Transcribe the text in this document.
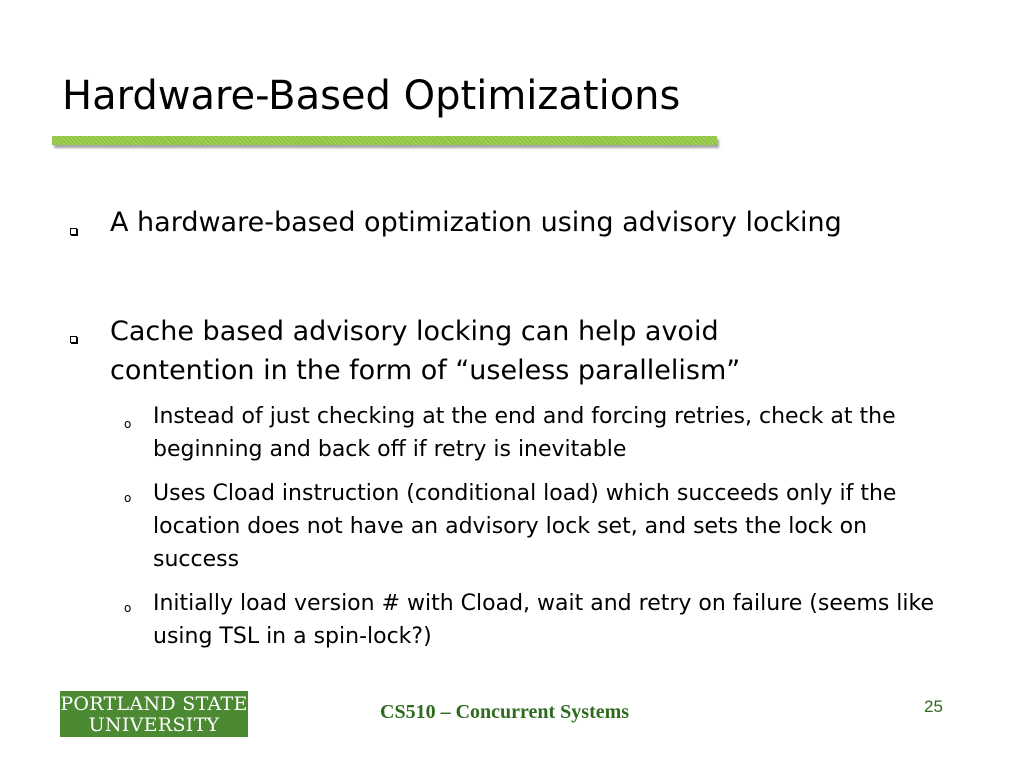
Hardware-Based Optimizations
A hardware-based optimization using advisory locking
Cache based advisory locking can help avoid contention in the form of “useless parallelism”
o Instead of just checking at the end and forcing retries, check at the beginning and back off if retry is inevitable
o Uses Cload instruction (conditional load) which succeeds only if the location does not have an advisory lock set, and sets the lock on success
o Initially load version # with Cload, wait and retry on failure (seems like using TSL in a spin-lock?)
PORTLAND STATE
UNIVERSITY
CS510 – Concurrent Systems	25
